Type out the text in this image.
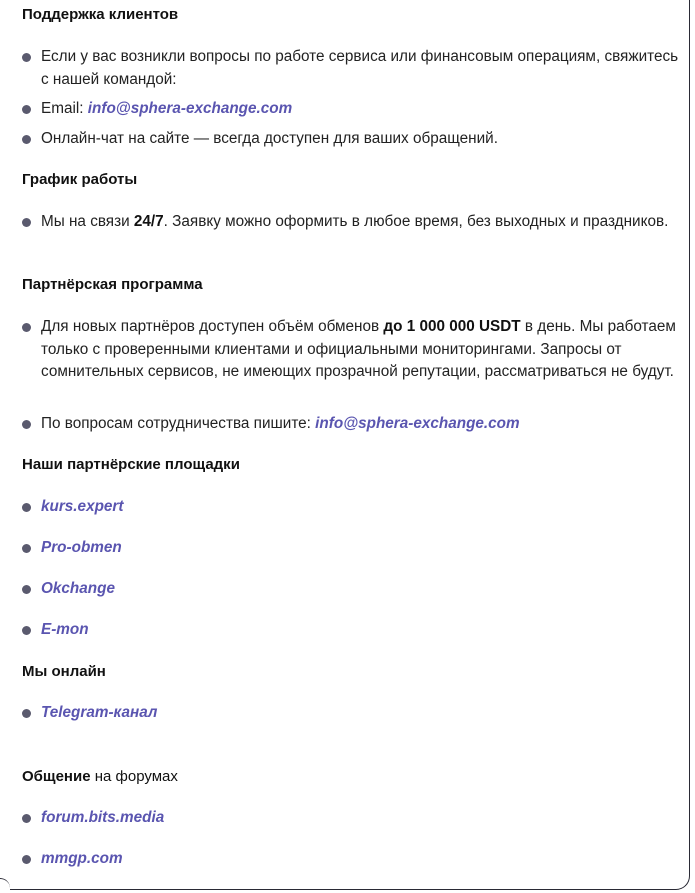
Поддержка клиентов
Если у вас возникли вопросы по работе сервиса или финансовым операциям, свяжитесь с нашей командой:
Email: info@sphera-exchange.com
Онлайн-чат на сайте — всегда доступен для ваших обращений.
График работы
Мы на связи 24/7. Заявку можно оформить в любое время, без выходных и праздников.
Партнёрская программа
Для новых партнёров доступен объём обменов до 1 000 000 USDT в день. Мы работаем только с проверенными клиентами и официальными мониторингами. Запросы от сомнительных сервисов, не имеющих прозрачной репутации, рассматриваться не будут.
По вопросам сотрудничества пишите: info@sphera-exchange.com
Наши партнёрские площадки
kurs.expert
Pro-obmen
Okchange
E-mon
Мы онлайн
Telegram-канал
Общение на форумах
forum.bits.media
mmgp.com
